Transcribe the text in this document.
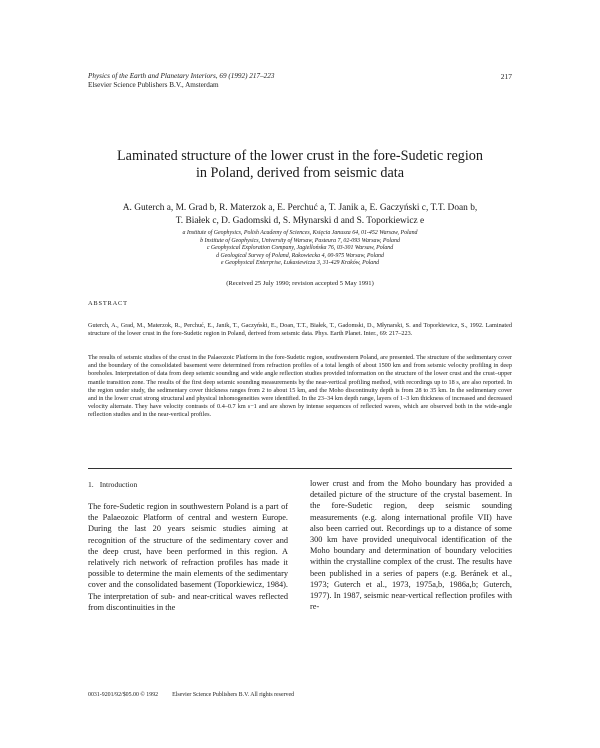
Physics of the Earth and Planetary Interiors, 69 (1992) 217–223
Elsevier Science Publishers B.V., Amsterdam
217
Laminated structure of the lower crust in the fore-Sudetic region
in Poland, derived from seismic data
A. Guterch a, M. Grad b, R. Materzok a, E. Perchuć a, T. Janik a, E. Gaczyński c, T.T. Doan b,
T. Białek c, D. Gadomski d, S. Młynarski d and S. Toporkiewicz e
a Institute of Geophysics, Polish Academy of Sciences, Księcia Janusza 64, 01-452 Warsaw, Poland
b Institute of Geophysics, University of Warsaw, Pasteura 7, 02-093 Warsaw, Poland
c Geophysical Exploration Company, Jagiellońska 76, 03-301 Warsaw, Poland
d Geological Survey of Poland, Rakowiecka 4, 00-975 Warsaw, Poland
e Geophysical Enterprise, Łukasiewicza 3, 31-429 Kraków, Poland
(Received 25 July 1990; revision accepted 5 May 1991)
ABSTRACT
Guterch, A., Grad, M., Materzok, R., Perchuć, E., Janik, T., Gaczyński, E., Doan, T.T., Białek, T., Gadomski, D., Młynarski, S. and Toporkiewicz, S., 1992. Laminated structure of the lower crust in the fore-Sudetic region in Poland, derived from seismic data. Phys. Earth Planet. Inter., 69: 217–223.
The results of seismic studies of the crust in the Palaeozoic Platform in the fore-Sudetic region, southwestern Poland, are presented. The structure of the sedimentary cover and the boundary of the consolidated basement were determined from refraction profiles of a total length of about 1500 km and from seismic velocity profiling in deep boreholes. Interpretation of data from deep seismic sounding and wide angle reflection studies provided information on the structure of the lower crust and the crust–upper mantle transition zone. The results of the first deep seismic sounding measurements by the near-vertical profiling method, with recordings up to 18 s, are also reported. In the region under study, the sedimentary cover thickness ranges from 2 to about 15 km, and the Moho discontinuity depth is from 28 to 35 km. In the sedimentary cover and in the lower crust strong structural and physical inhomogeneities were identified. In the 23–34 km depth range, layers of 1–3 km thickness of increased and decreased velocity alternate. They have velocity contrasts of 0.4–0.7 km s−1 and are shown by intense sequences of reflected waves, which are observed both in the wide-angle reflection studies and in the near-vertical profiles.
1. Introduction

The fore-Sudetic region in southwestern Poland is a part of the Palaeozoic Platform of central and western Europe. During the last 20 years seismic studies aiming at recognition of the structure of the sedimentary cover and the deep crust, have been performed in this region. A relatively rich network of refraction profiles has made it possible to determine the main elements of the sedimentary cover and the consolidated basement (Toporkiewicz, 1984). The interpretation of sub- and near-critical waves reflected from discontinuities in the

lower crust and from the Moho boundary has provided a detailed picture of the structure of the crystal basement. In the fore-Sudetic region, deep seismic sounding measurements (e.g. along international profile VII) have also been carried out. Recordings up to a distance of some 300 km have provided unequivocal identification of the Moho boundary and determination of boundary velocities within the crystalline complex of the crust. The results have been published in a series of papers (e.g. Beránek et al., 1973; Guterch et al., 1973, 1975a,b, 1986a,b; Guterch, 1977). In 1987, seismic near-vertical reflection profiles with re-

0031-9201/92/$05.00 © 1992 Elsevier Science Publishers B.V. All rights reserved
